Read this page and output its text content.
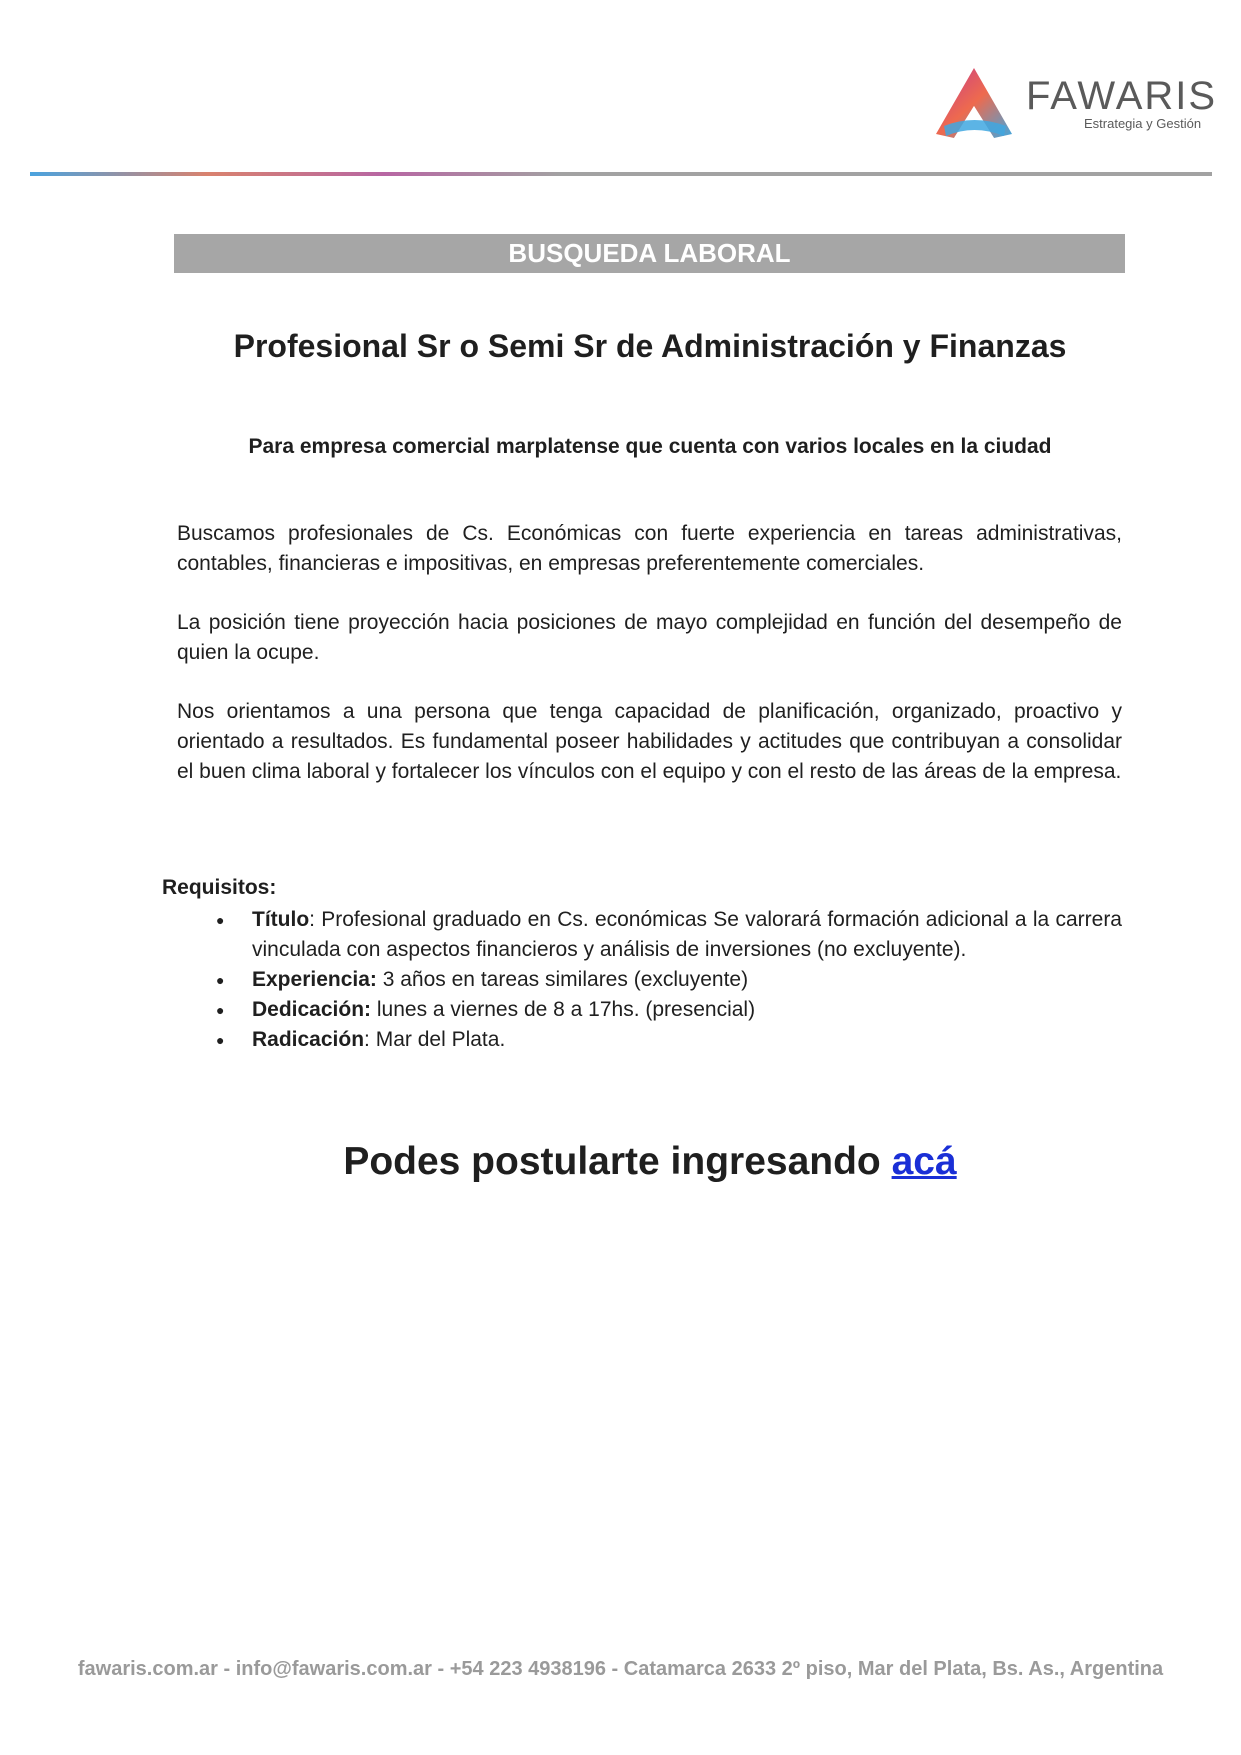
FAWARIS
Estrategia y Gestión
BUSQUEDA LABORAL
Profesional Sr o Semi Sr de Administración y Finanzas
Para empresa comercial marplatense que cuenta con varios locales en la ciudad

Buscamos profesionales de Cs. Económicas con fuerte experiencia en tareas administrativas, contables, financieras e impositivas, en empresas preferentemente comerciales.

La posición tiene proyección hacia posiciones de mayo complejidad en función del desempeño de quien la ocupe.

Nos orientamos a una persona que tenga capacidad de planificación, organizado, proactivo y orientado a resultados. Es fundamental poseer habilidades y actitudes que contribuyan a consolidar el buen clima laboral y fortalecer los vínculos con el equipo y con el resto de las áreas de la empresa.

Requisitos:
● Título: Profesional graduado en Cs. económicas Se valorará formación adicional a la carrera vinculada con aspectos financieros y análisis de inversiones (no excluyente).
● Experiencia: 3 años en tareas similares (excluyente)
● Dedicación: lunes a viernes de 8 a 17hs. (presencial)
● Radicación: Mar del Plata.
Podes postularte ingresando acá
fawaris.com.ar - info@fawaris.com.ar - +54 223 4938196 - Catamarca 2633 2º piso, Mar del Plata, Bs. As., Argentina
